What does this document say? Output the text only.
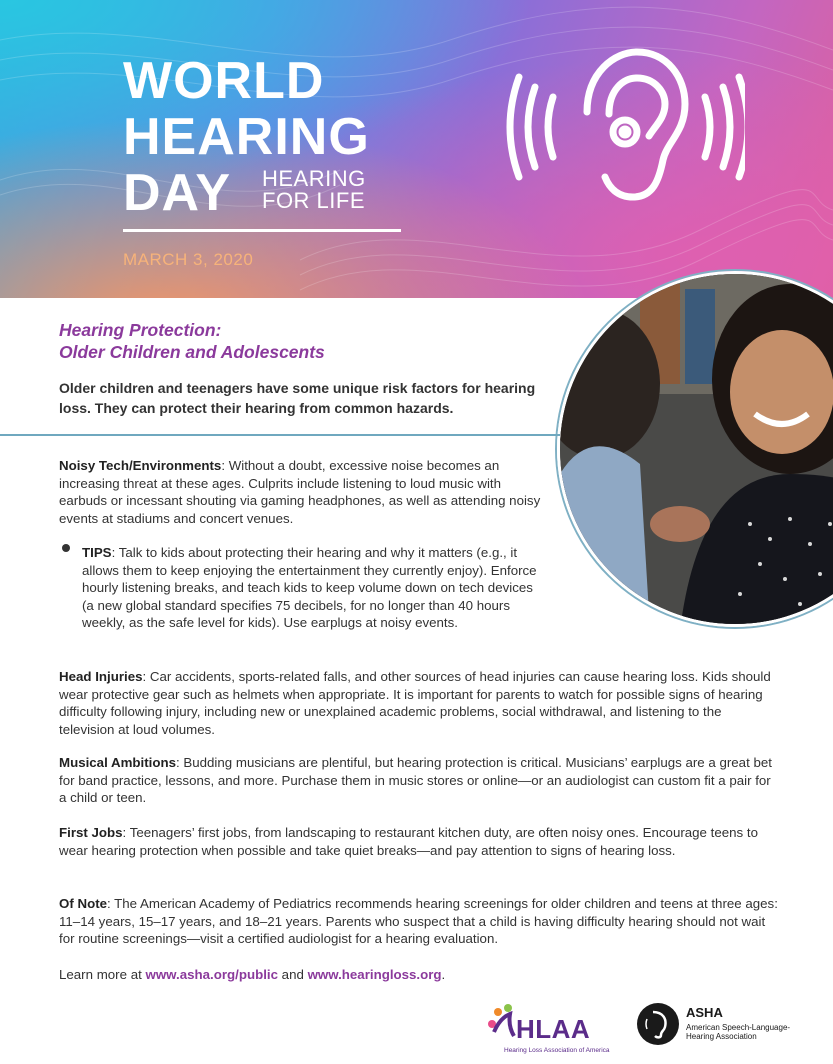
WORLD
HEARING
DAY HEARING
FOR LIFE
MARCH 3, 2020
Hearing Protection:
Older Children and Adolescents
Older children and teenagers have some unique risk factors for hearing loss. They can protect their hearing from common hazards.
Noisy Tech/Environments: Without a doubt, excessive noise becomes an increasing threat at these ages. Culprits include listening to loud music with earbuds or incessant shouting via gaming headphones, as well as attending noisy events at stadiums and concert venues.
TIPS: Talk to kids about protecting their hearing and why it matters (e.g., it allows them to keep enjoying the entertainment they currently enjoy). Enforce hourly listening breaks, and teach kids to keep volume down on tech devices (a new global standard specifies 75 decibels, for no longer than 40 hours weekly, as the safe level for kids). Use earplugs at noisy events.
Head Injuries: Car accidents, sports-related falls, and other sources of head injuries can cause hearing loss. Kids should wear protective gear such as helmets when appropriate. It is important for parents to watch for possible signs of hearing difficulty following injury, including new or unexplained academic problems, social withdrawal, and listening to the television at loud volumes.
Musical Ambitions: Budding musicians are plentiful, but hearing protection is critical. Musicians’ earplugs are a great bet for band practice, lessons, and more. Purchase them in music stores or online—or an audiologist can custom fit a pair for a child or teen.
First Jobs: Teenagers’ first jobs, from landscaping to restaurant kitchen duty, are often noisy ones. Encourage teens to wear hearing protection when possible and take quiet breaks—and pay attention to signs of hearing loss.
Of Note: The American Academy of Pediatrics recommends hearing screenings for older children and teens at three ages: 11–14 years, 15–17 years, and 18–21 years. Parents who suspect that a child is having difficulty hearing should not wait for routine screenings—visit a certified audiologist for a hearing evaluation.
Learn more at www.asha.org/public and www.hearingloss.org.
HLAA
Hearing Loss Association of America
ASHA
American Speech-Language-Hearing Association
